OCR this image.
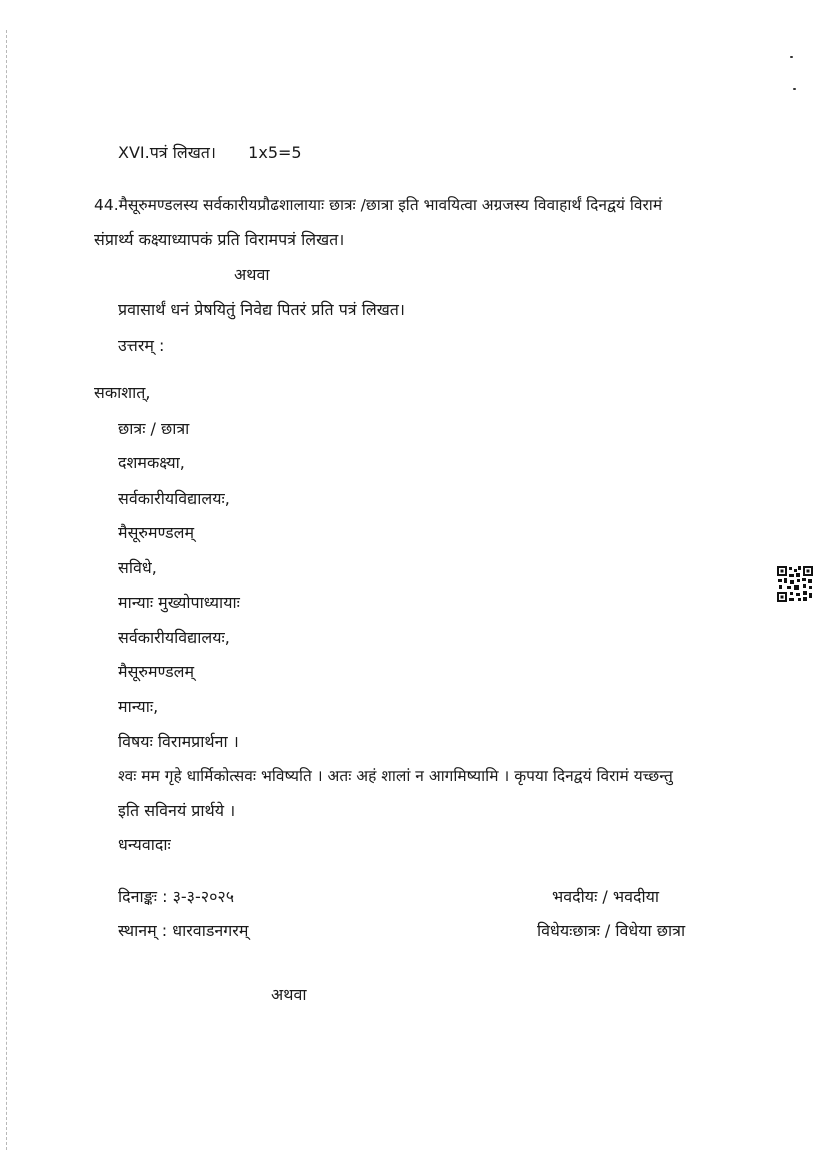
XVI.पत्रं लिखत। 1x5=5
44.मैसूरुमण्डलस्य सर्वकारीयप्रौढशालायाः छात्रः /छात्रा इति भावयित्वा अग्रजस्य विवाहार्थं दिनद्वयं विरामं
संप्रार्थ्य कक्ष्याध्यापकं प्रति विरामपत्रं लिखत।
अथवा
प्रवासार्थं धनं प्रेषयितुं निवेद्य पितरं प्रति पत्रं लिखत।
उत्तरम् :
सकाशात्,
छात्रः / छात्रा
दशमकक्ष्या,
सर्वकारीयविद्यालयः,
मैसूरुमण्डलम्
सविधे,
मान्याः मुख्योपाध्यायाः
सर्वकारीयविद्यालयः,
मैसूरुमण्डलम्
मान्याः,
विषयः विरामप्रार्थना ।
श्वः मम गृहे धार्मिकोत्सवः भविष्यति । अतः अहं शालां न आगमिष्यामि । कृपया दिनद्वयं विरामं यच्छन्तु
इति सविनयं प्रार्थये ।
धन्यवादाः
दिनाङ्कः : ३-३-२०२५	भवदीयः / भवदीया
स्थानम् : धारवाडनगरम्	विधेयःछात्रः / विधेया छात्रा
अथवा
